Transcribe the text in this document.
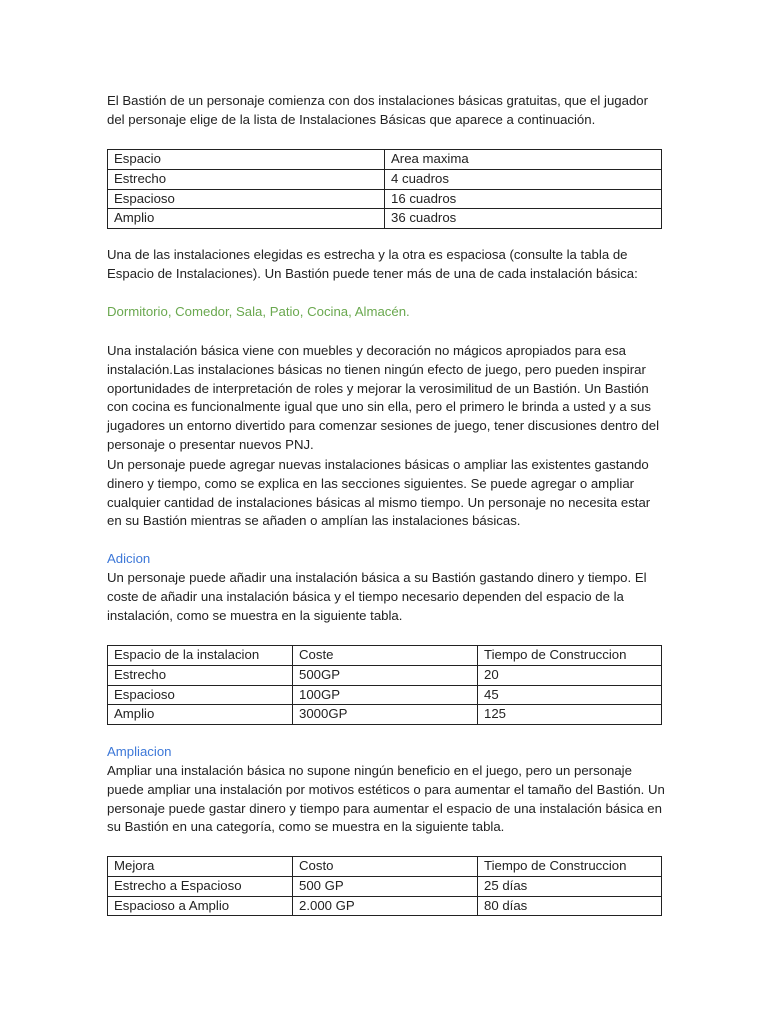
El Bastión de un personaje comienza con dos instalaciones básicas gratuitas, que el jugador del personaje elige de la lista de Instalaciones Básicas que aparece a continuación.
Espacio	Area maxima
Estrecho	4 cuadros
Espacioso	16 cuadros
Amplio	36 cuadros
Una de las instalaciones elegidas es estrecha y la otra es espaciosa (consulte la tabla de Espacio de Instalaciones). Un Bastión puede tener más de una de cada instalación básica:
Dormitorio, Comedor, Sala, Patio, Cocina, Almacén.
Una instalación básica viene con muebles y decoración no mágicos apropiados para esa instalación.Las instalaciones básicas no tienen ningún efecto de juego, pero pueden inspirar oportunidades de interpretación de roles y mejorar la verosimilitud de un Bastión. Un Bastión con cocina es funcionalmente igual que uno sin ella, pero el primero le brinda a usted y a sus jugadores un entorno divertido para comenzar sesiones de juego, tener discusiones dentro del personaje o presentar nuevos PNJ.
Un personaje puede agregar nuevas instalaciones básicas o ampliar las existentes gastando dinero y tiempo, como se explica en las secciones siguientes. Se puede agregar o ampliar cualquier cantidad de instalaciones básicas al mismo tiempo. Un personaje no necesita estar en su Bastión mientras se añaden o amplían las instalaciones básicas.
Adicion
Un personaje puede añadir una instalación básica a su Bastión gastando dinero y tiempo. El coste de añadir una instalación básica y el tiempo necesario dependen del espacio de la instalación, como se muestra en la siguiente tabla.
Espacio de la instalacion	Coste	Tiempo de Construccion
Estrecho	500GP	20
Espacioso	100GP	45
Amplio	3000GP	125
Ampliacion
Ampliar una instalación básica no supone ningún beneficio en el juego, pero un personaje puede ampliar una instalación por motivos estéticos o para aumentar el tamaño del Bastión. Un personaje puede gastar dinero y tiempo para aumentar el espacio de una instalación básica en su Bastión en una categoría, como se muestra en la siguiente tabla.
Mejora	Costo	Tiempo de Construccion
Estrecho a Espacioso	500 GP	25 días
Espacioso a Amplio	2.000 GP	80 días
